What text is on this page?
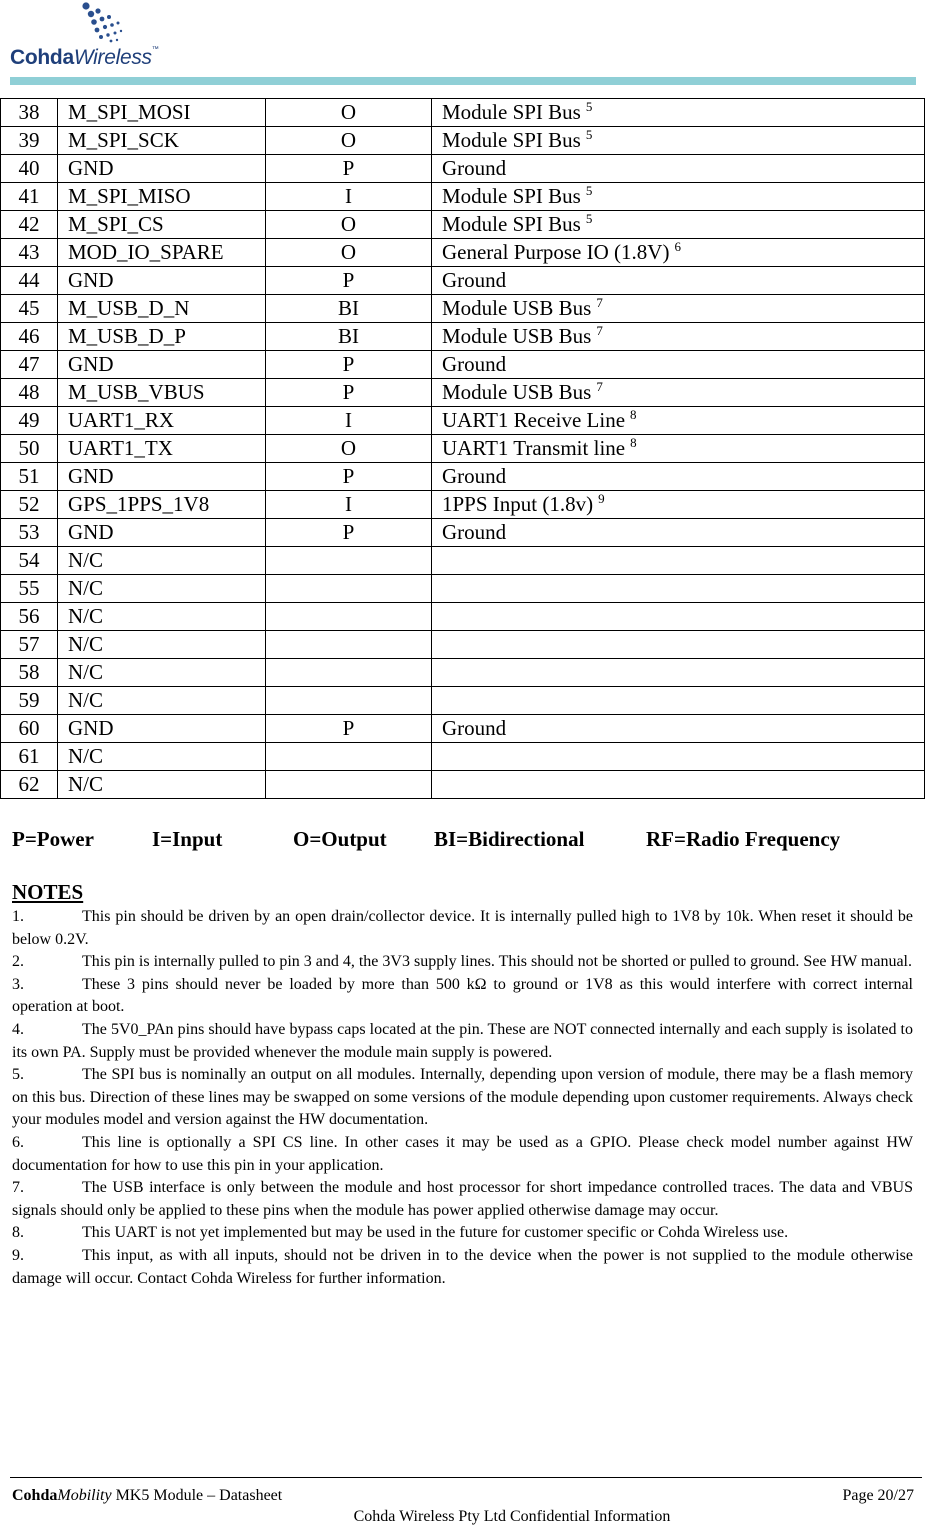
CohdaWireless™
38	M_SPI_MOSI	O	Module SPI Bus $^5$
39	M_SPI_SCK	O	Module SPI Bus $^5$
40	GND	P	Ground
41	M_SPI_MISO	I	Module SPI Bus $^5$
42	M_SPI_CS	O	Module SPI Bus $^5$
43	MOD_IO_SPARE	O	General Purpose IO (1.8V) $^6$
44	GND	P	Ground
45	M_USB_D_N	BI	Module USB Bus $^7$
46	M_USB_D_P	BI	Module USB Bus $^7$
47	GND	P	Ground
48	M_USB_VBUS	P	Module USB Bus $^7$
49	UART1_RX	I	UART1 Receive Line $^8$
50	UART1_TX	O	UART1 Transmit line $^8$
51	GND	P	Ground
52	GPS_1PPS_1V8	I	1PPS Input (1.8v) $^9$
53	GND	P	Ground
54	N/C		
55	N/C		
56	N/C		
57	N/C		
58	N/C		
59	N/C		
60	GND	P	Ground
61	N/C		
62	N/C		
P=Power	I=Input	O=Output BI=Bidirectional	RF=Radio Frequency
NOTES
1.	This pin should be driven by an open drain/collector device. It is internally pulled high to 1V8 by 10k. When reset it should be below 0.2V.
2.	This pin is internally pulled to pin 3 and 4, the 3V3 supply lines. This should not be shorted or pulled to ground. See HW manual.
3.	These 3 pins should never be loaded by more than 500 kΩ to ground or 1V8 as this would interfere with correct internal operation at boot.
4.	The 5V0_PAn pins should have bypass caps located at the pin. These are NOT connected internally and each supply is isolated to its own PA. Supply must be provided whenever the module main supply is powered.
5.	The SPI bus is nominally an output on all modules. Internally, depending upon version of module, there may be a flash memory on this bus. Direction of these lines may be swapped on some versions of the module depending upon customer requirements. Always check your modules model and version against the HW documentation.
6.	This line is optionally a SPI CS line. In other cases it may be used as a GPIO. Please check model number against HW documentation for how to use this pin in your application.
7.	The USB interface is only between the module and host processor for short impedance controlled traces. The data and VBUS signals should only be applied to these pins when the module has power applied otherwise damage may occur.
8.	This UART is not yet implemented but may be used in the future for customer specific or Cohda Wireless use.
9.	This input, as with all inputs, should not be driven in to the device when the power is not supplied to the module otherwise damage will occur. Contact Cohda Wireless for further information.
CohdaMobility MK5 Module – Datasheet	Page 20/27
Cohda Wireless Pty Ltd Confidential Information
